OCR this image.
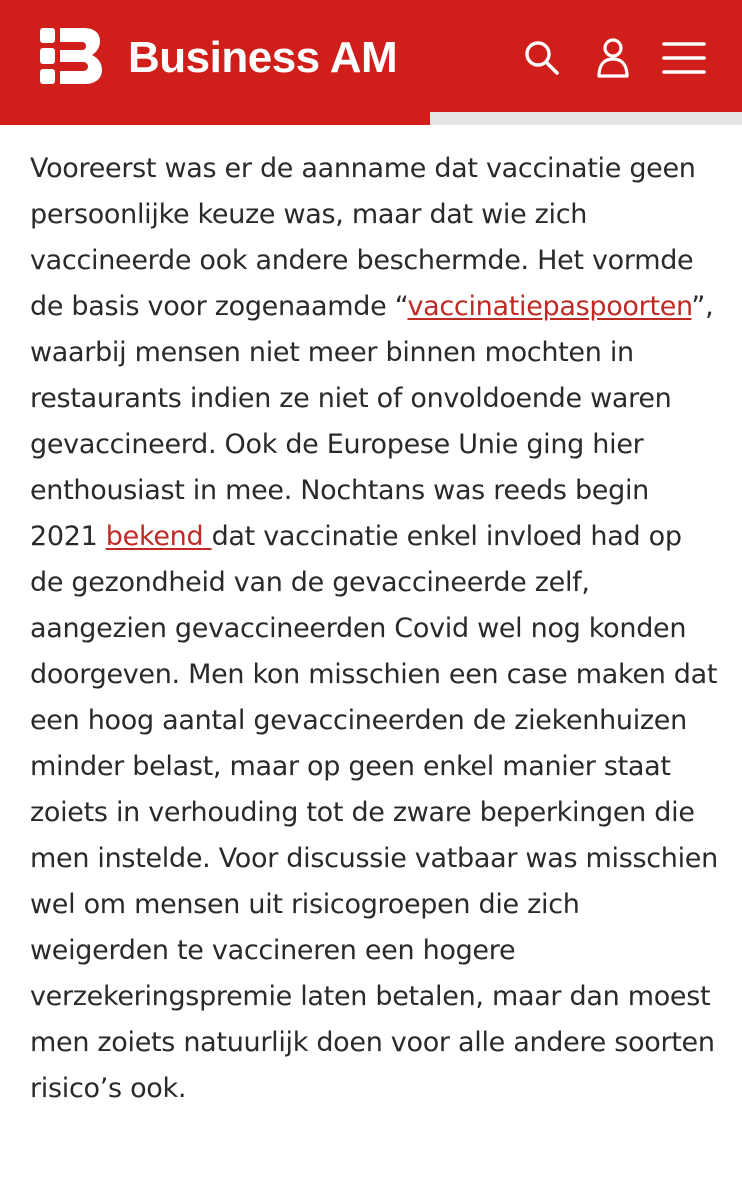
Business AM

Vooreerst was er de aanname dat vaccinatie geen persoonlijke keuze was, maar dat wie zich vaccineerde ook andere beschermde. Het vormde de basis voor zogenaamde “vaccinatiepaspoorten”, waarbij mensen niet meer binnen mochten in restaurants indien ze niet of onvoldoende waren gevaccineerd. Ook de Europese Unie ging hier enthousiast in mee. Nochtans was reeds begin 2021 bekend dat vaccinatie enkel invloed had op de gezondheid van de gevaccineerde zelf, aangezien gevaccineerden Covid wel nog konden doorgeven. Men kon misschien een case maken dat een hoog aantal gevaccineerden de ziekenhuizen minder belast, maar op geen enkel manier staat zoiets in verhouding tot de zware beperkingen die men instelde. Voor discussie vatbaar was misschien wel om mensen uit risicogroepen die zich weigerden te vaccineren een hogere verzekeringspremie laten betalen, maar dan moest men zoiets natuurlijk doen voor alle andere soorten risico’s ook.
